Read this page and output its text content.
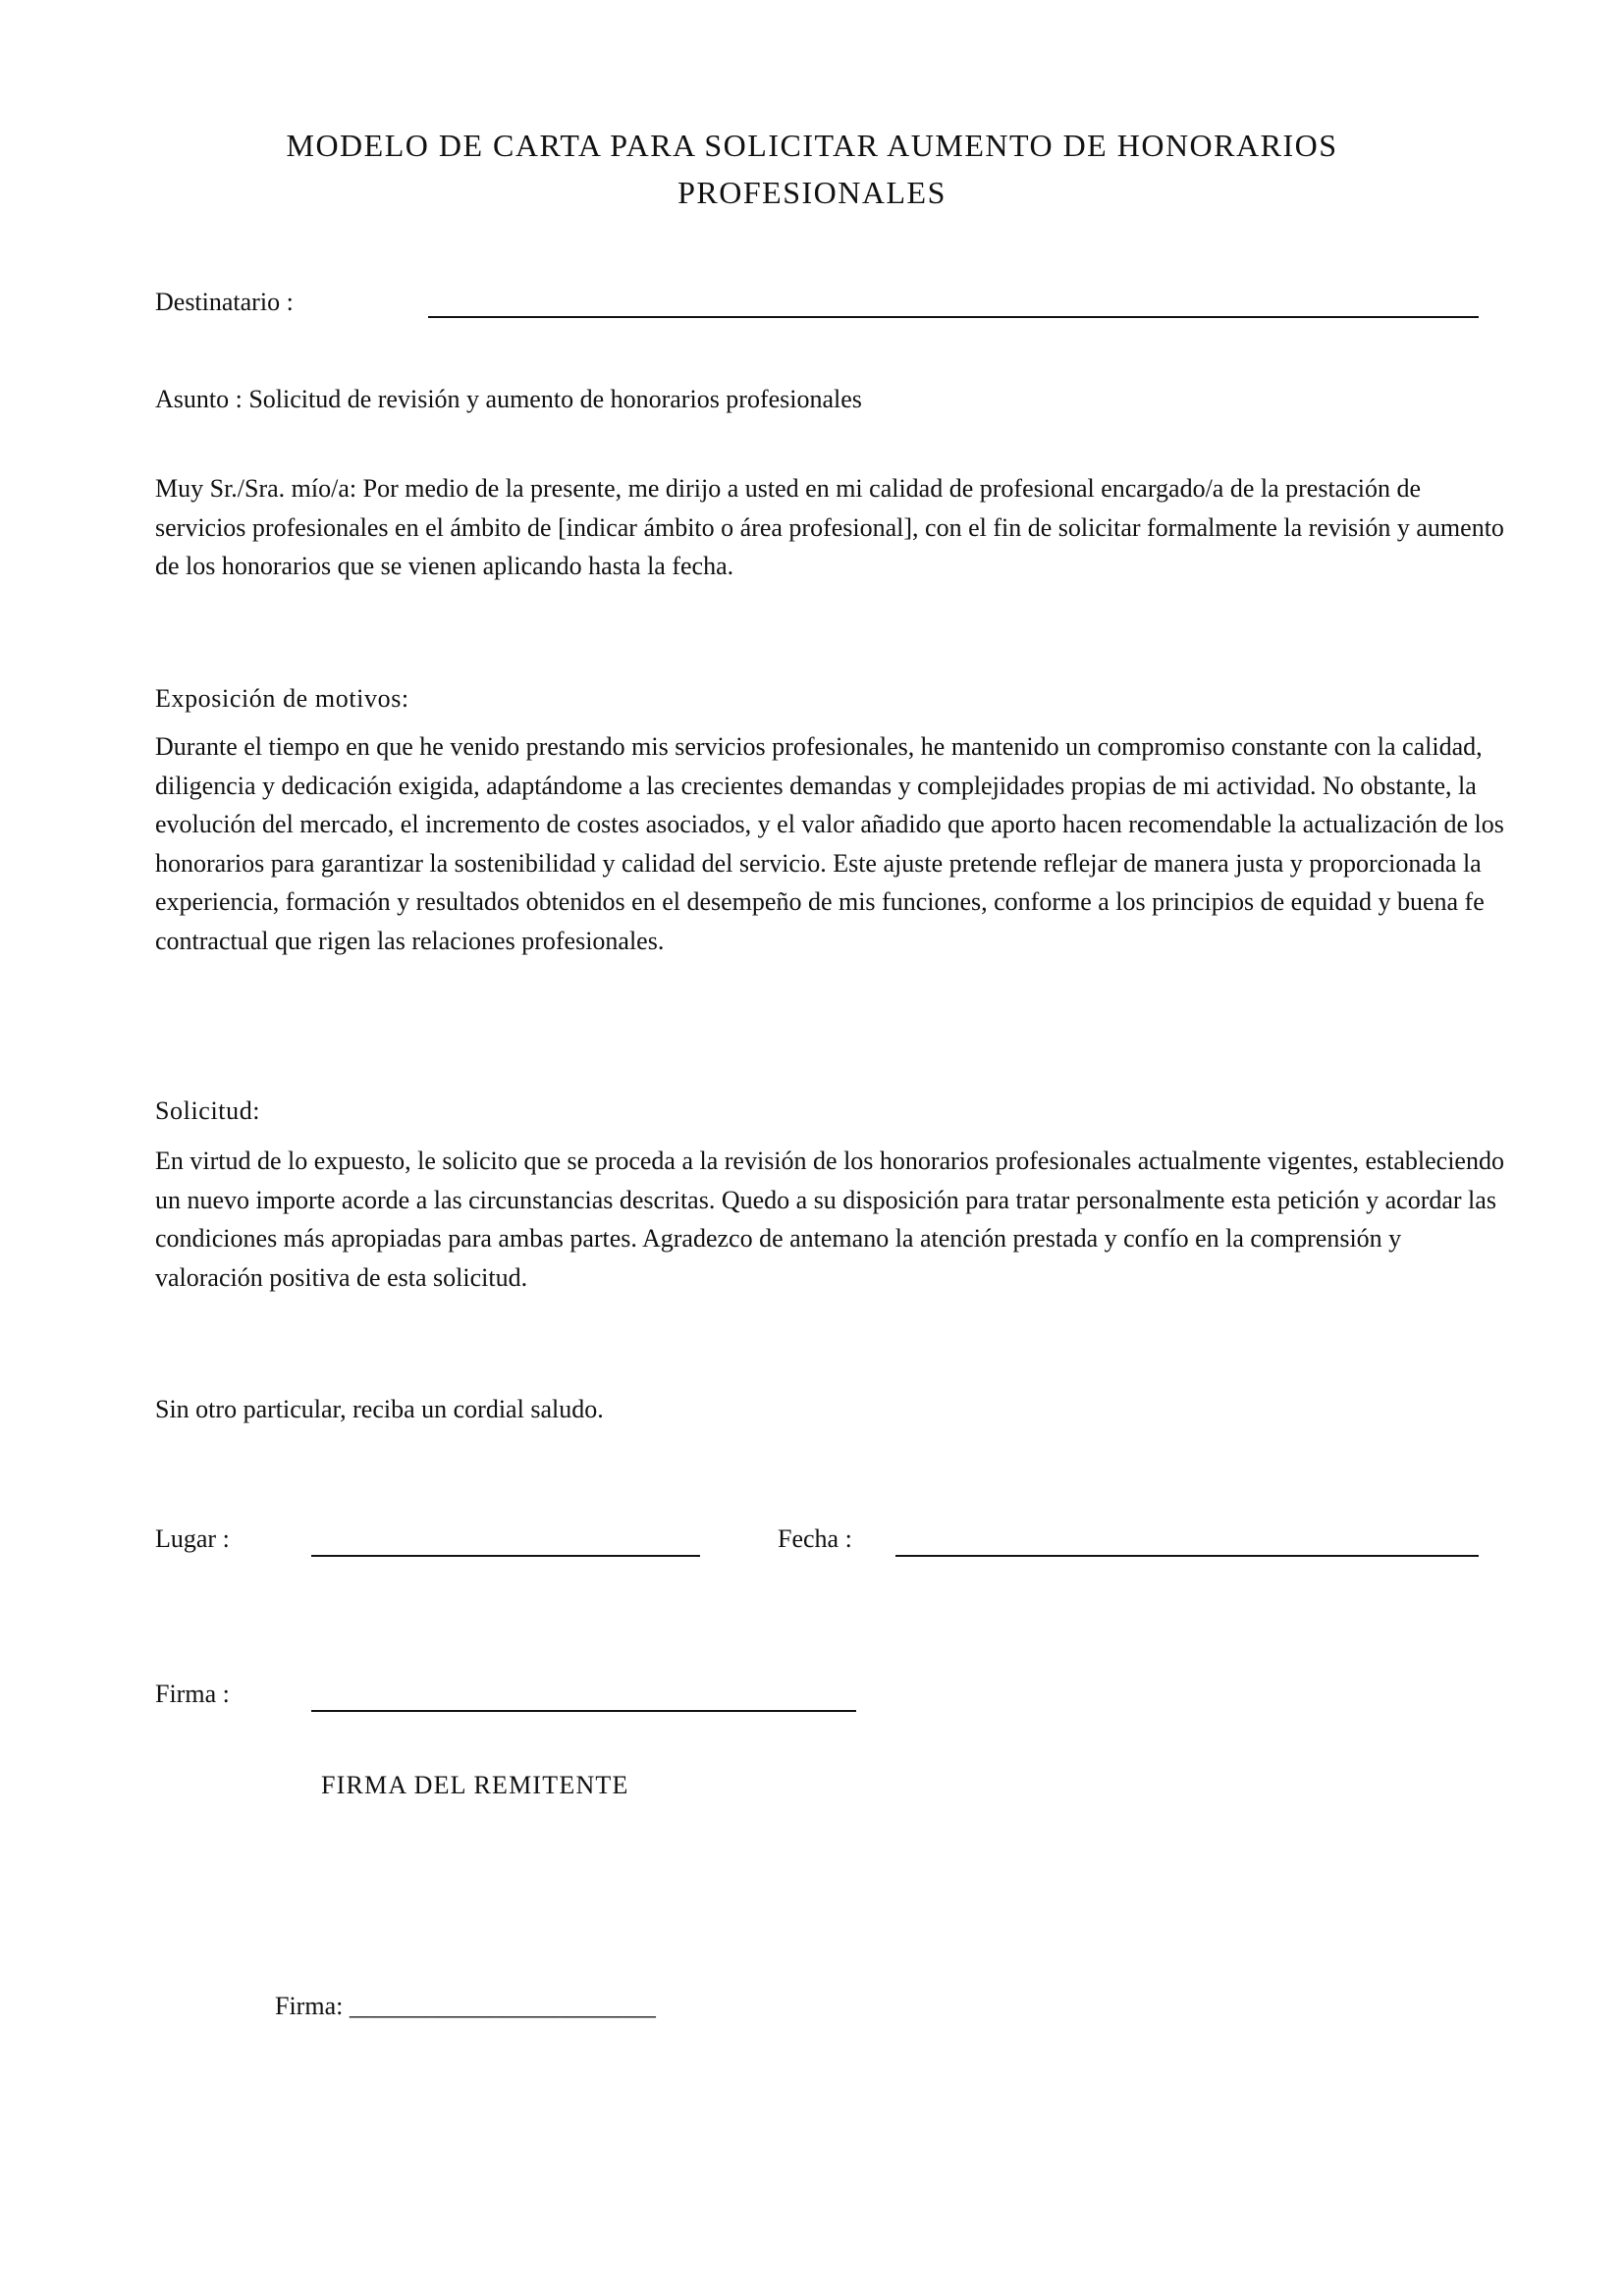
MODELO DE CARTA PARA SOLICITAR AUMENTO DE HONORARIOS
PROFESIONALES
Destinatario :

Asunto : Solicitud de revisión y aumento de honorarios profesionales

Muy Sr./Sra. mío/a: Por medio de la presente, me dirijo a usted en mi calidad de profesional encargado/a de la prestación de servicios profesionales en el ámbito de [indicar ámbito o área profesional], con el fin de solicitar formalmente la revisión y aumento de los honorarios que se vienen aplicando hasta la fecha.

Exposición de motivos:

Durante el tiempo en que he venido prestando mis servicios profesionales, he mantenido un compromiso constante con la calidad, diligencia y dedicación exigida, adaptándome a las crecientes demandas y complejidades propias de mi actividad. No obstante, la evolución del mercado, el incremento de costes asociados, y el valor añadido que aporto hacen recomendable la actualización de los honorarios para garantizar la sostenibilidad y calidad del servicio. Este ajuste pretende reflejar de manera justa y proporcionada la experiencia, formación y resultados obtenidos en el desempeño de mis funciones, conforme a los principios de equidad y buena fe contractual que rigen las relaciones profesionales.

Solicitud:

En virtud de lo expuesto, le solicito que se proceda a la revisión de los honorarios profesionales actualmente vigentes, estableciendo un nuevo importe acorde a las circunstancias descritas. Quedo a su disposición para tratar personalmente esta petición y acordar las condiciones más apropiadas para ambas partes. Agradezco de antemano la atención prestada y confío en la comprensión y valoración positiva de esta solicitud.

Sin otro particular, reciba un cordial saludo.

Lugar :	Fecha :
Firma :
FIRMA DEL REMITENTE
Firma: ________________________
